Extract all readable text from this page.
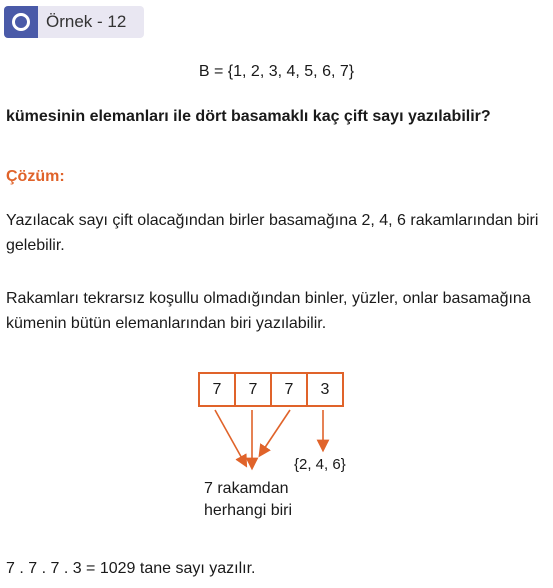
Örnek - 12
B = {1, 2, 3, 4, 5, 6, 7}
kümesinin elemanları ile dört basamaklı kaç çift sayı yazılabilir?
Çözüm:
Yazılacak sayı çift olacağından birler basamağına 2, 4, 6 rakamlarından biri gelebilir.
Rakamları tekrarsız koşullu olmadığından binler, yüzler, onlar basamağına kümenin bütün elemanlarından biri yazılabilir.
7	7	7	3
{2, 4, 6}
7 rakamdan
herhangi biri
7 . 7 . 7 . 3 = 1029 tane sayı yazılır.
